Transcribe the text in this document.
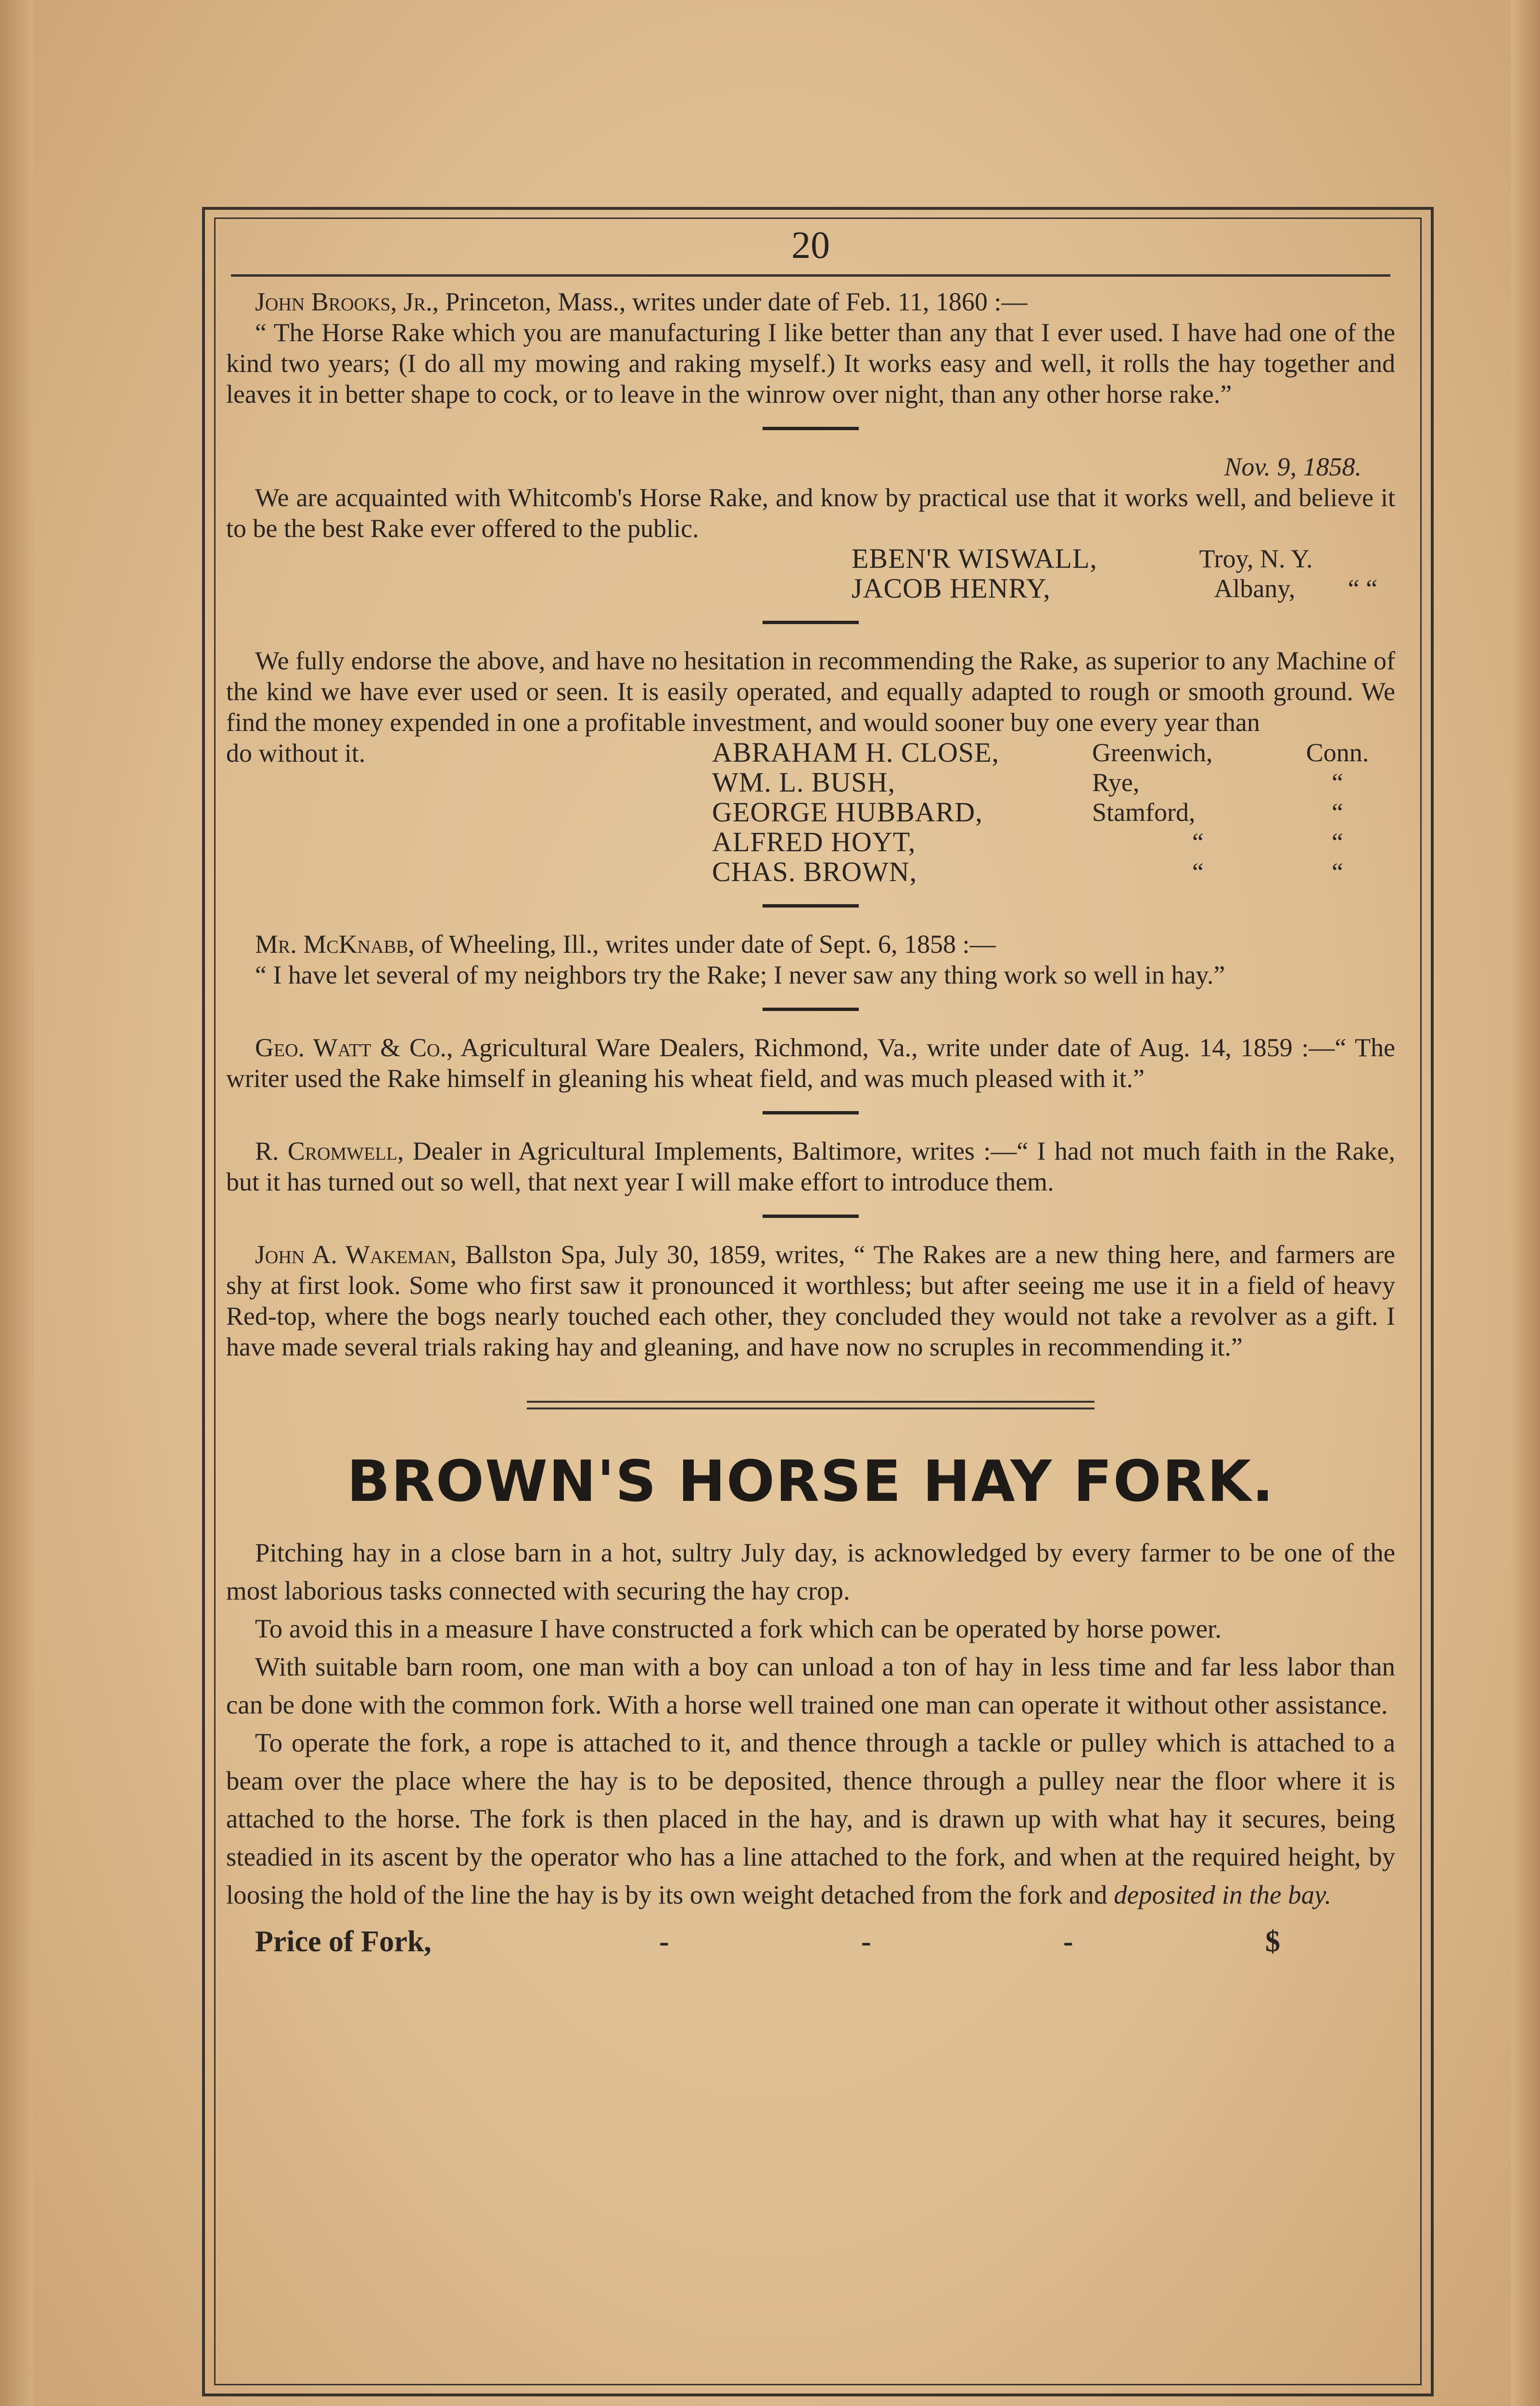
20

John Brooks, Jr., Princeton, Mass., writes under date of Feb. 11, 1860 :—

“ The Horse Rake which you are manufacturing I like better than any that I ever used. I have had one of the kind two years; (I do all my mowing and raking myself.) It works easy and well, it rolls the hay together and leaves it in better shape to cock, or to leave in the winrow over night, than any other horse rake.”

Nov. 9, 1858.

We are acquainted with Whitcomb's Horse Rake, and know by practical use that it works well, and believe it to be the best Rake ever offered to the public.

EBEN'R WISWALL,	Troy, N. Y.
JACOB HENRY,	Albany,	“ “

We fully endorse the above, and have no hesitation in recommending the Rake, as superior to any Machine of the kind we have ever used or seen. It is easily operated, and equally adapted to rough or smooth ground. We find the money expended in one a profitable investment, and would sooner buy one every year than

do without it.	ABRAHAM H. CLOSE,	Greenwich,	Conn.
WM. L. BUSH,	Rye,	“
GEORGE HUBBARD,	Stamford,	“
ALFRED HOYT,	“	“
CHAS. BROWN,	“	“

Mr. McKnabb, of Wheeling, Ill., writes under date of Sept. 6, 1858 :—

“ I have let several of my neighbors try the Rake; I never saw any thing work so well in hay.”

Geo. Watt & Co., Agricultural Ware Dealers, Richmond, Va., write under date of Aug. 14, 1859 :—“ The writer used the Rake himself in gleaning his wheat field, and was much pleased with it.”

R. Cromwell, Dealer in Agricultural Implements, Baltimore, writes :—“ I had not much faith in the Rake, but it has turned out so well, that next year I will make effort to introduce them.

John A. Wakeman, Ballston Spa, July 30, 1859, writes, “ The Rakes are a new thing here, and farmers are shy at first look. Some who first saw it pronounced it worthless; but after seeing me use it in a field of heavy Red-top, where the bogs nearly touched each other, they concluded they would not take a revolver as a gift. I have made several trials raking hay and gleaning, and have now no scruples in recommending it.”

BROWN'S HORSE HAY FORK.

Pitching hay in a close barn in a hot, sultry July day, is acknowledged by every farmer to be one of the most laborious tasks connected with securing the hay crop.

To avoid this in a measure I have constructed a fork which can be operated by horse power.

With suitable barn room, one man with a boy can unload a ton of hay in less time and far less labor than can be done with the common fork. With a horse well trained one man can operate it without other assistance.

To operate the fork, a rope is attached to it, and thence through a tackle or pulley which is attached to a beam over the place where the hay is to be deposited, thence through a pulley near the floor where it is attached to the horse. The fork is then placed in the hay, and is drawn up with what hay it secures, being steadied in its ascent by the operator who has a line attached to the fork, and when at the required height, by loosing the hold of the line the hay is by its own weight detached from the fork and deposited in the bay.

Price of Fork,	-	-	-	$
